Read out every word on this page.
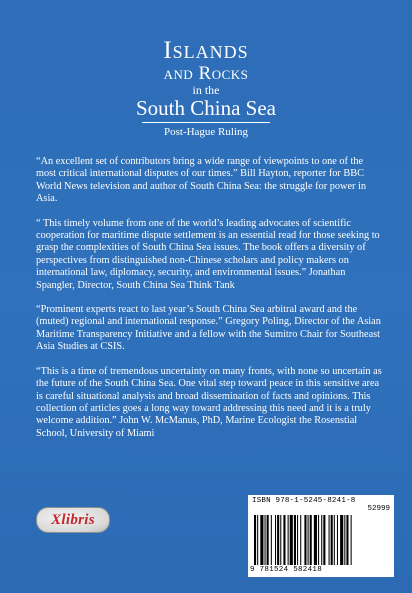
Islands
and Rocks
in the
South China Sea
Post-Hague Ruling

“An excellent set of contributors bring a wide range of viewpoints to one of the most critical international disputes of our times.” Bill Hayton, reporter for BBC World News television and author of South China Sea: the struggle for power in Asia.

“ This timely volume from one of the world’s leading advocates of scientific cooperation for maritime dispute settlement is an essential read for those seeking to grasp the complexities of South China Sea issues. The book offers a diversity of perspectives from distinguished non-Chinese scholars and policy makers on international law, diplomacy, security, and environmental issues.” Jonathan Spangler, Director, South China Sea Think Tank

“Prominent experts react to last year’s South China Sea arbitral award and the (muted) regional and international response.” Gregory Poling, Director of the Asian Maritime Transparency Initiative and a fellow with the Sumitro Chair for Southeast Asia Studies at CSIS.

“This is a time of tremendous uncertainty on many fronts, with none so uncertain as the future of the South China Sea. One vital step toward peace in this sensitive area is careful situational analysis and broad dissemination of facts and opinions. This collection of articles goes a long way toward addressing this need and it is a truly welcome addition.” John W. McManus, PhD, Marine Ecologist the Rosenstial School, University of Miami

Xlibris
ISBN 978-1-5245-8241-8
52999
9 781524 582418
